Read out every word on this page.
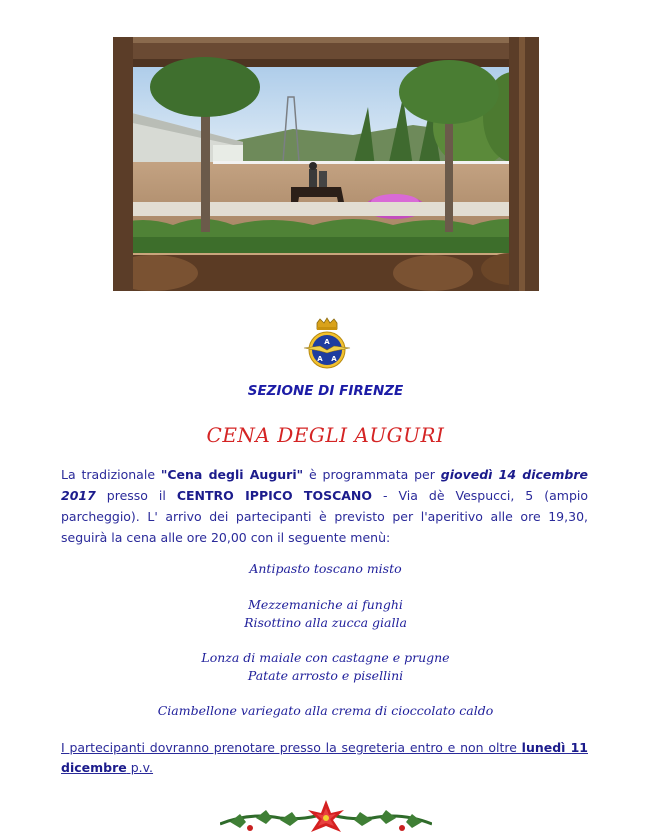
A
A A
SEZIONE DI FIRENZE
CENA DEGLI AUGURI
La tradizionale "Cena degli Auguri" è programmata per giovedì 14 dicembre 2017 presso il CENTRO IPPICO TOSCANO - Via dè Vespucci, 5 (ampio parcheggio). L' arrivo dei partecipanti è previsto per l'aperitivo alle ore 19,30, seguirà la cena alle ore 20,00 con il seguente menù:
Antipasto toscano misto
Mezzemaniche ai funghi
Risottino alla zucca gialla
Lonza di maiale con castagne e prugne
Patate arrosto e pisellini
Ciambellone variegato alla crema di cioccolato caldo
I partecipanti dovranno prenotare presso la segreteria entro e non oltre lunedì 11 dicembre p.v.
